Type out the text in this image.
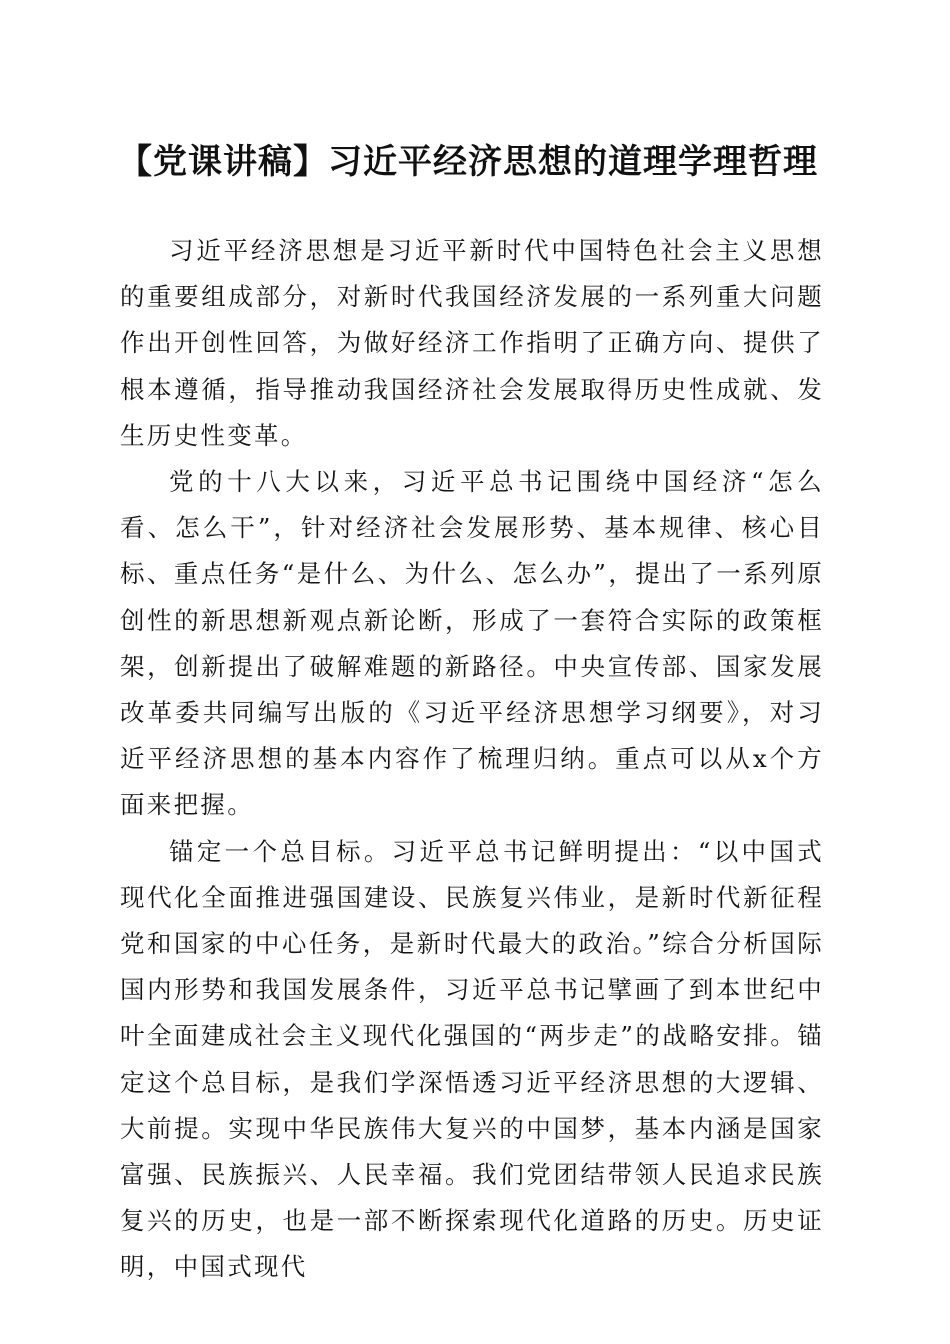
【党课讲稿】习近平经济思想的道理学理哲理

习近平经济思想是习近平新时代中国特色社会主义思想的重要组成部分，对新时代我国经济发展的一系列重大问题作出开创性回答，为做好经济工作指明了正确方向、提供了根本遵循，指导推动我国经济社会发展取得历史性成就、发生历史性变革。

党的十八大以来，习近平总书记围绕中国经济“怎么看、怎么干”，针对经济社会发展形势、基本规律、核心目标、重点任务“是什么、为什么、怎么办”，提出了一系列原创性的新思想新观点新论断，形成了一套符合实际的政策框架，创新提出了破解难题的新路径。中央宣传部、国家发展改革委共同编写出版的《习近平经济思想学习纲要》，对习近平经济思想的基本内容作了梳理归纳。重点可以从x个方面来把握。

锚定一个总目标。习近平总书记鲜明提出：“以中国式现代化全面推进强国建设、民族复兴伟业，是新时代新征程党和国家的中心任务，是新时代最大的政治。”综合分析国际国内形势和我国发展条件，习近平总书记擘画了到本世纪中叶全面建成社会主义现代化强国的“两步走”的战略安排。锚定这个总目标，是我们学深悟透习近平经济思想的大逻辑、大前提。实现中华民族伟大复兴的中国梦，基本内涵是国家富强、民族振兴、人民幸福。我们党团结带领人民追求民族复兴的历史，也是一部不断探索现代化道路的历史。历史证明，中国式现代
